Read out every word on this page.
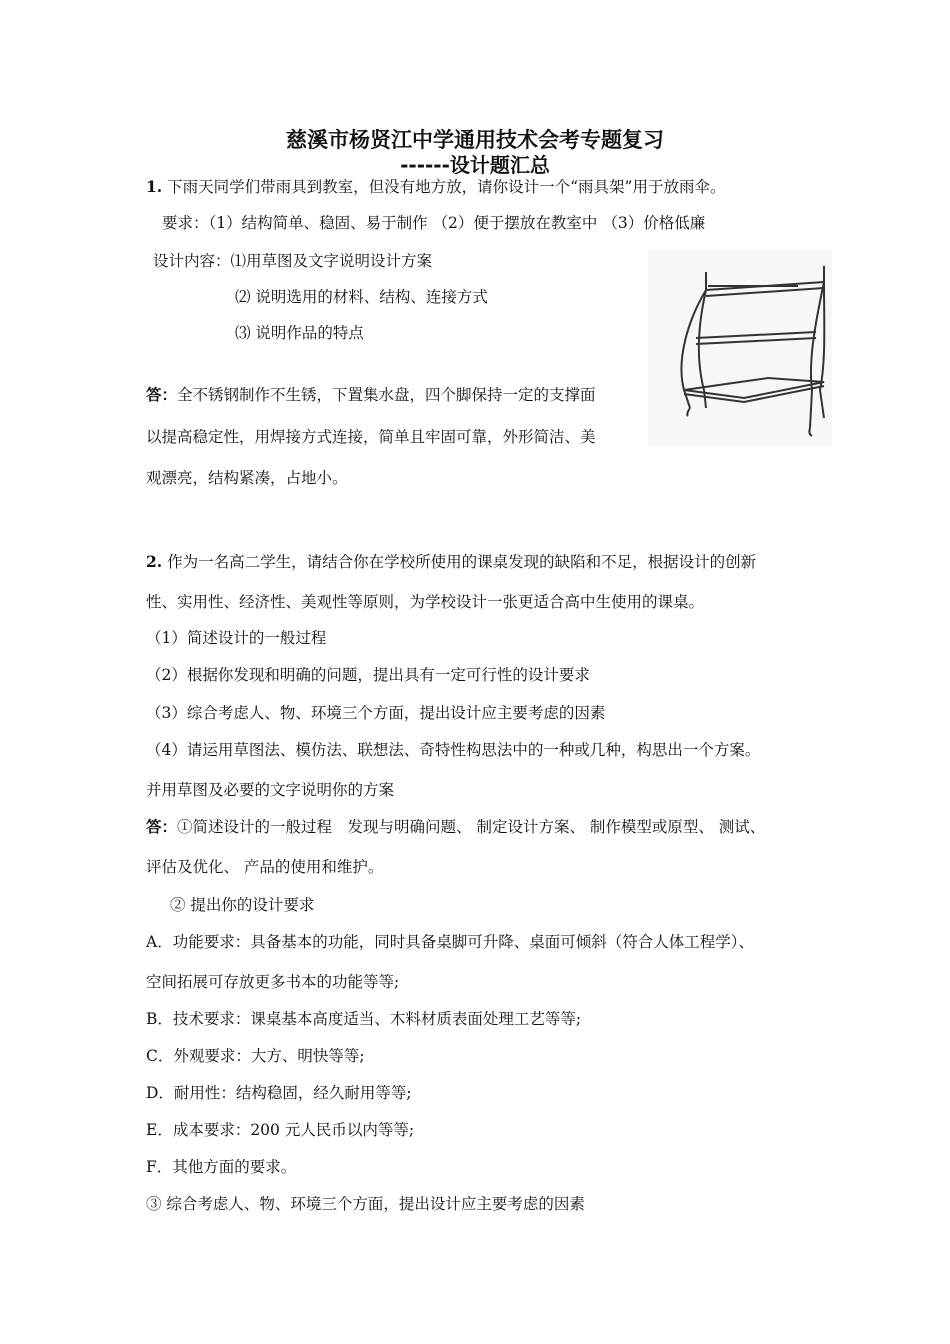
慈溪市杨贤江中学通用技术会考专题复习
------设计题汇总
1. 下雨天同学们带雨具到教室，但没有地方放，请你设计一个“雨具架”用于放雨伞。
要求：（1）结构简单、稳固、易于制作 （2）便于摆放在教室中 （3）价格低廉
设计内容：⑴用草图及文字说明设计方案
⑵ 说明选用的材料、结构、连接方式
⑶ 说明作品的特点
答：全不锈钢制作不生锈，下置集水盘，四个脚保持一定的支撑面
以提高稳定性，用焊接方式连接，简单且牢固可靠，外形简洁、美
观漂亮，结构紧凑，占地小。
2. 作为一名高二学生，请结合你在学校所使用的课桌发现的缺陷和不足，根据设计的创新
性、实用性、经济性、美观性等原则，为学校设计一张更适合高中生使用的课桌。
（1）简述设计的一般过程
（2）根据你发现和明确的问题，提出具有一定可行性的设计要求
（3）综合考虑人、物、环境三个方面，提出设计应主要考虑的因素
（4）请运用草图法、模仿法、联想法、奇特性构思法中的一种或几种，构思出一个方案。
并用草图及必要的文字说明你的方案
答：①简述设计的一般过程　发现与明确问题、 制定设计方案、 制作模型或原型、 测试、
评估及优化、 产品的使用和维护。
② 提出你的设计要求
A．功能要求：具备基本的功能，同时具备桌脚可升降、桌面可倾斜（符合人体工程学）、
空间拓展可存放更多书本的功能等等;
B．技术要求：课桌基本高度适当、木料材质表面处理工艺等等;
C．外观要求：大方、明快等等;
D．耐用性：结构稳固，经久耐用等等;
E．成本要求：200 元人民币以内等等;
F．其他方面的要求。
③ 综合考虑人、物、环境三个方面，提出设计应主要考虑的因素
